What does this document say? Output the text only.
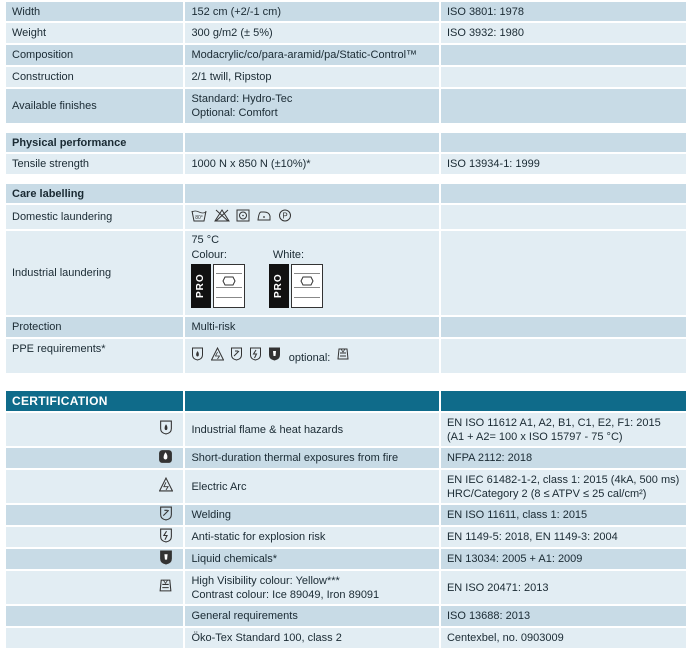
Width	152 cm (+2/-1 cm)	ISO 3801: 1978
Weight	300 g/m2 (± 5%)	ISO 3932: 1980
Composition	Modacrylic/co/para-aramid/pa/Static-Control™	
Construction	2/1 twill, Ripstop	
Available finishes	Standard: Hydro-Tec
Optional: Comfort	

Physical performance		
Tensile strength	1000 N x 850 N (±10%)*	ISO 13934-1: 1999

Care labelling		
Domestic laundering	80°
P	

Industrial laundering	75 °C
Colour: White:
PRO
PRO	

Protection	Multi-risk	
PPE requirements*	optional:	

CERTIFICATION		
	Industrial flame & heat hazards	EN ISO 11612 A1, A2, B1, C1, E2, F1: 2015
(A1 + A2= 100 x ISO 15797 - 75 °C)

	Short-duration thermal exposures from fire	NFPA 2112: 2018
	Electric Arc	EN IEC 61482-1-2, class 1: 2015 (4kA, 500 ms)
HRC/Category 2 (8 ≤ ATPV ≤ 25 cal/cm²)

	Welding	EN ISO 11611, class 1: 2015
	Anti-static for explosion risk	EN 1149-5: 2018, EN 1149-3: 2004
	Liquid chemicals*	EN 13034: 2005 + A1: 2009

High Visibility colour: Yellow***
Contrast colour: Ice 89049, Iron 89091	EN ISO 20471: 2013
	General requirements	ISO 13688: 2013
	Öko-Tex Standard 100, class 2	Centexbel, no. 0903009
